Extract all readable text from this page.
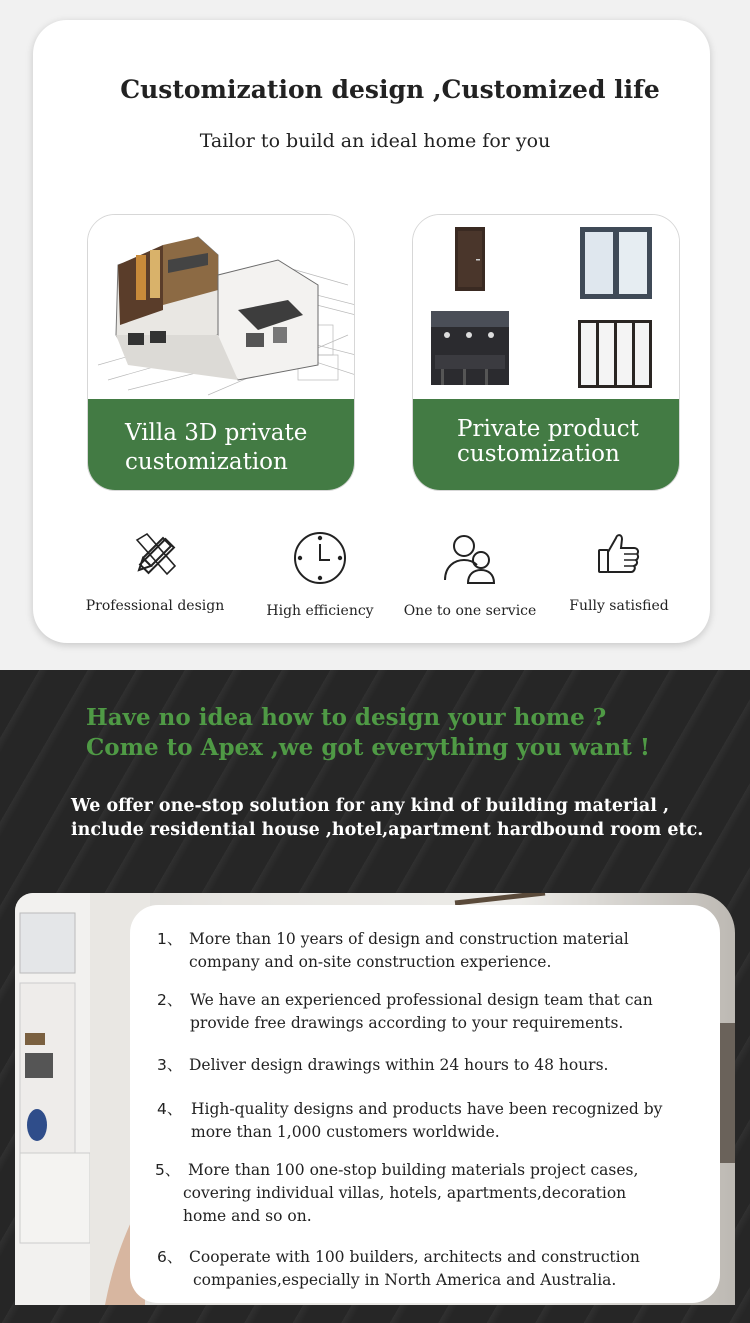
Customization design ,Customized life
Tailor to build an ideal home for you
Villa 3D private
customization
Private product
customization
Professional design	High efficiency	One to one service	Fully satisfied
Have no idea how to design your home ?
Come to Apex ,we got everything you want !
We offer one-stop solution for any kind of building material ,
include residential house ,hotel,apartment hardbound room etc.
1、 More than 10 years of design and construction material
company and on-site construction experience.
2、 We have an experienced professional design team that can
provide free drawings according to your requirements.
3、 Deliver design drawings within 24 hours to 48 hours.
4、 High-quality designs and products have been recognized by
more than 1,000 customers worldwide.
5、 More than 100 one-stop building materials project cases,
covering individual villas, hotels, apartments,decoration
home and so on.
6、 Cooperate with 100 builders, architects and construction
companies,especially in North America and Australia.
